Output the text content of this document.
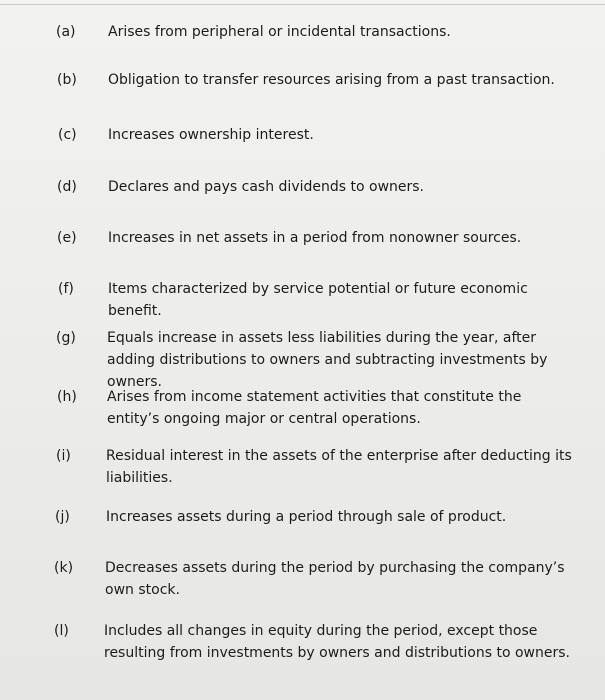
(a) Arises from peripheral or incidental transactions.
(b) Obligation to transfer resources arising from a past transaction.
(c) Increases ownership interest.
(d) Declares and pays cash dividends to owners.
(e) Increases in net assets in a period from nonowner sources.
(f) Items characterized by service potential or future economic benefit.
(g) Equals increase in assets less liabilities during the year, after adding distributions to owners and subtracting investments by owners.
(h) Arises from income statement activities that constitute the entity’s ongoing major or central operations.
(i)	Residual interest in the assets of the enterprise after deducting its liabilities.
(j)	Increases assets during a period through sale of product.
(k) Decreases assets during the period by purchasing the company’s own stock.
(l)	Includes all changes in equity during the period, except those resulting from investments by owners and distributions to owners.
